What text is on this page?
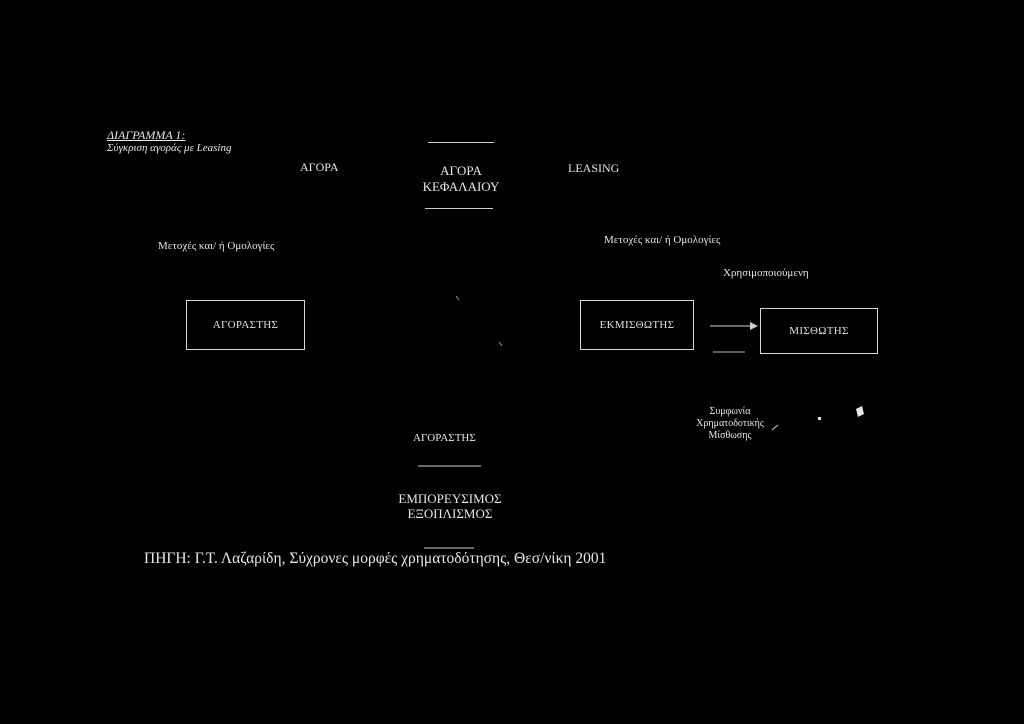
ΔΙΑΓΡΑΜΜΑ 1:
Σύγκριση αγοράς με Leasing
ΑΓΟΡΑ	ΑΓΟΡΑ
ΚΕΦΑΛΑΙΟΥ
LEASING
Μετοχές και/ ή Ομολογίες	Μετοχές και/ ή Ομολογίες
Χρησιμοποιούμενη
ΑΓΟΡΑΣΤΗΣ	ΕΚΜΙΣΘΩΤΗΣ	ΜΙΣΘΩΤΗΣ
ΑΓΟΡΑΣΤΗΣ
Συμφωνία
Χρηματοδοτικής
Μίσθωσης
ΕΜΠΟΡΕΥΣΙΜΟΣ
ΕΞΟΠΛΙΣΜΟΣ
ΠΗΓΗ: Γ.Τ. Λαζαρίδη, Σύχρονες μορφές χρηματοδότησης, Θεσ/νίκη 2001
